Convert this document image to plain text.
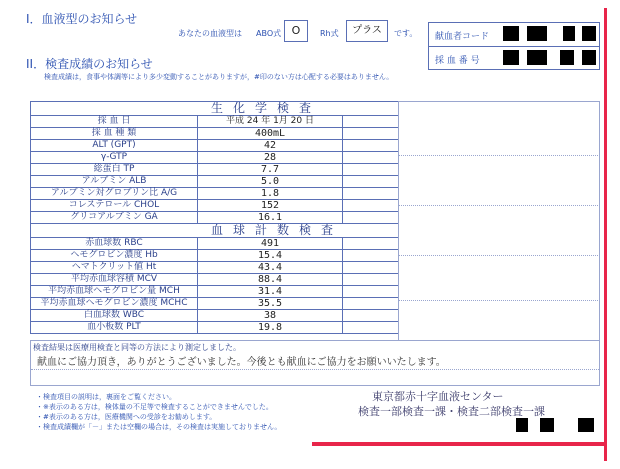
I．血液型のお知らせ
あなたの血液型は ABO式 O	Rh式	プラス	です。 献血者コード
採 血 番 号
II．検査成績のお知らせ
検査成績は，食事や体調等により多少変動することがありますが，#印のない方は心配する必要はありません。
生化学検査		
採 血 日	平成 24 年 1月 20 日	
採 血 種 類	400mL	
ALT (GPT)	42	
γ-GTP	28	
総蛋白 TP	7.7	
アルブミン ALB	5.0	
アルブミン対グロブリン比 A/G	1.8	
コレステロール CHOL	152	
グリコアルブミン GA	16.1	
血球計数検査		
赤血球数 RBC	491	
ヘモグロビン濃度 Hb	15.4	
ヘマトクリット値 Ht	43.4	
平均赤血球容積 MCV	88.4	
平均赤血球ヘモグロビン量 MCH	31.4	
平均赤血球ヘモグロビン濃度 MCHC	35.5	
白血球数 WBC	38	
血小板数 PLT	19.8	
検査結果は医療用検査と同等の方法により測定しました。
献血にご協力頂き，ありがとうございました。今後とも献血にご協力をお願いいたします。
・検査項目の説明は，裏面をご覧ください。
・※表示のある方は，検体量の不足等で検査することができませんでした。
・#表示のある方は，医療機関への受診をお勧めします。
・検査成績欄が「－」または空欄の場合は，その検査は実施しておりません。
東京都赤十字血液センター
検査一部検査一課・検査二部検査一課
